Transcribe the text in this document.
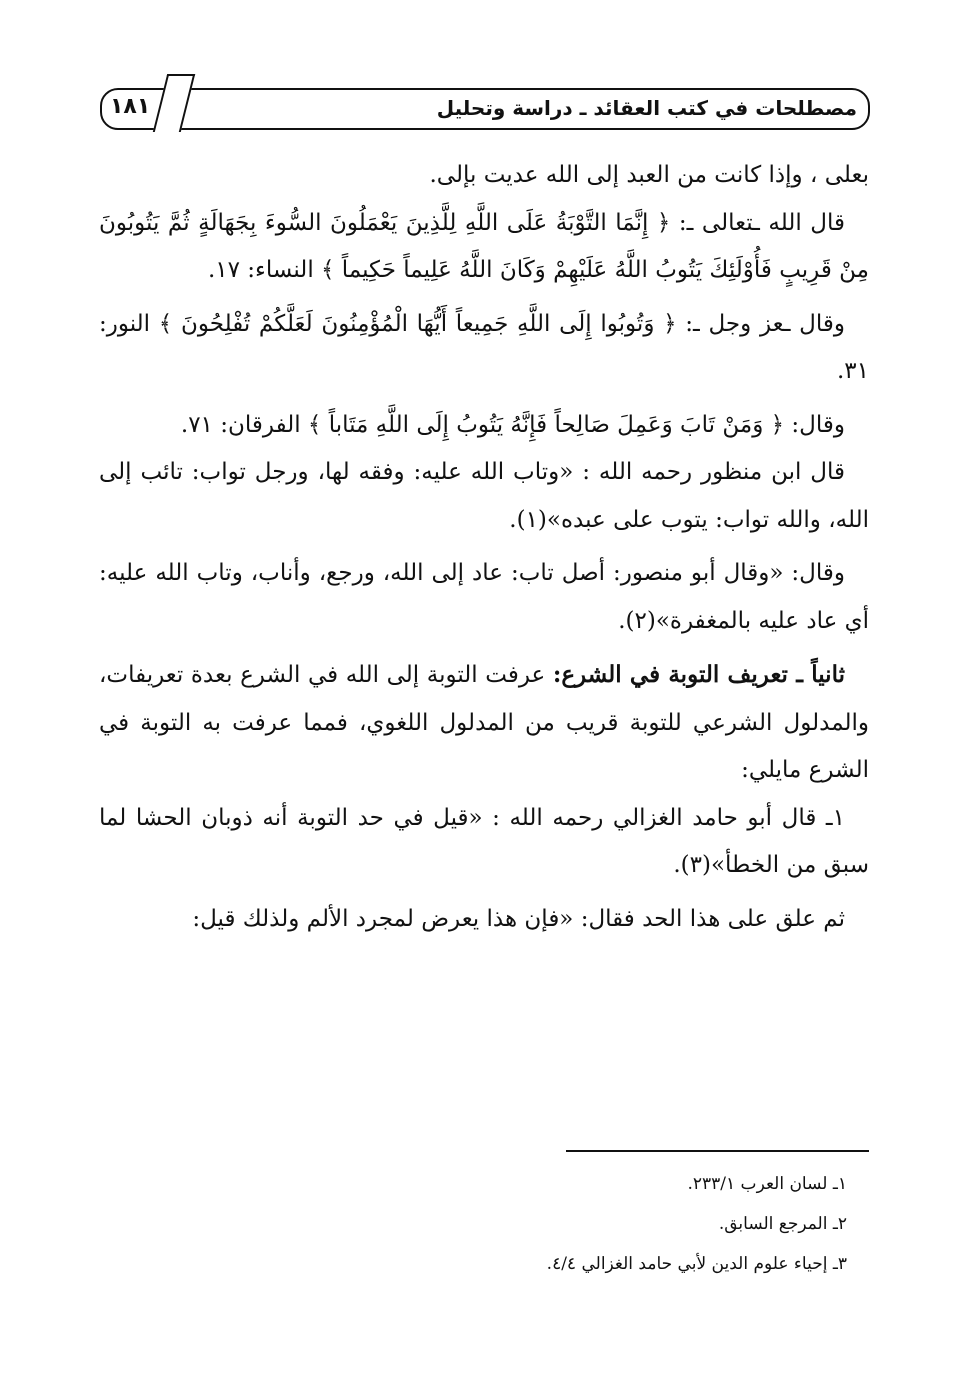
١٨١	مصطلحات في كتب العقائد ـ دراسة وتحليل

بعلى ، وإذا كانت من العبد إلى الله عديت بإلى.

قال الله ـتعالى ـ: ﴿ إِنَّمَا التَّوْبَةُ عَلَى اللَّهِ لِلَّذِينَ يَعْمَلُونَ السُّوءَ بِجَهَالَةٍ ثُمَّ يَتُوبُونَ مِنْ قَرِيبٍ فَأُوْلَئِكَ يَتُوبُ اللَّهُ عَلَيْهِمْ وَكَانَ اللَّهُ عَلِيماً حَكِيماً ﴾ النساء: ١٧.

وقال ـعز وجل ـ: ﴿ وَتُوبُوا إِلَى اللَّهِ جَمِيعاً أَيُّهَا الْمُؤْمِنُونَ لَعَلَّكُمْ تُفْلِحُونَ ﴾ النور: ٣١.

وقال: ﴿ وَمَنْ تَابَ وَعَمِلَ صَالِحاً فَإِنَّهُ يَتُوبُ إِلَى اللَّهِ مَتَاباً ﴾ الفرقان: ٧١.

قال ابن منظور رحمه الله : «وتاب الله عليه: وفقه لها، ورجل تواب: تائب إلى الله، والله تواب: يتوب على عبده»(١).

وقال: «وقال أبو منصور: أصل تاب: عاد إلى الله، ورجع، وأناب، وتاب الله عليه: أي عاد عليه بالمغفرة»(٢).

ثانياً ـ تعريف التوبة في الشرع: عرفت التوبة إلى الله في الشرع بعدة تعريفات، والمدلول الشرعي للتوبة قريب من المدلول اللغوي، فمما عرفت به التوبة في الشرع مايلي:

١ـ قال أبو حامد الغزالي رحمه الله : «قيل في حد التوبة أنه ذوبان الحشا لما سبق من الخطأ»(٣).

ثم علق على هذا الحد فقال: «فإن هذا يعرض لمجرد الألم ولذلك قيل:

١ـ لسان العرب ٢٣٣/١.
٢ـ المرجع السابق.
٣ـ إحياء علوم الدين لأبي حامد الغزالي ٤/٤.
